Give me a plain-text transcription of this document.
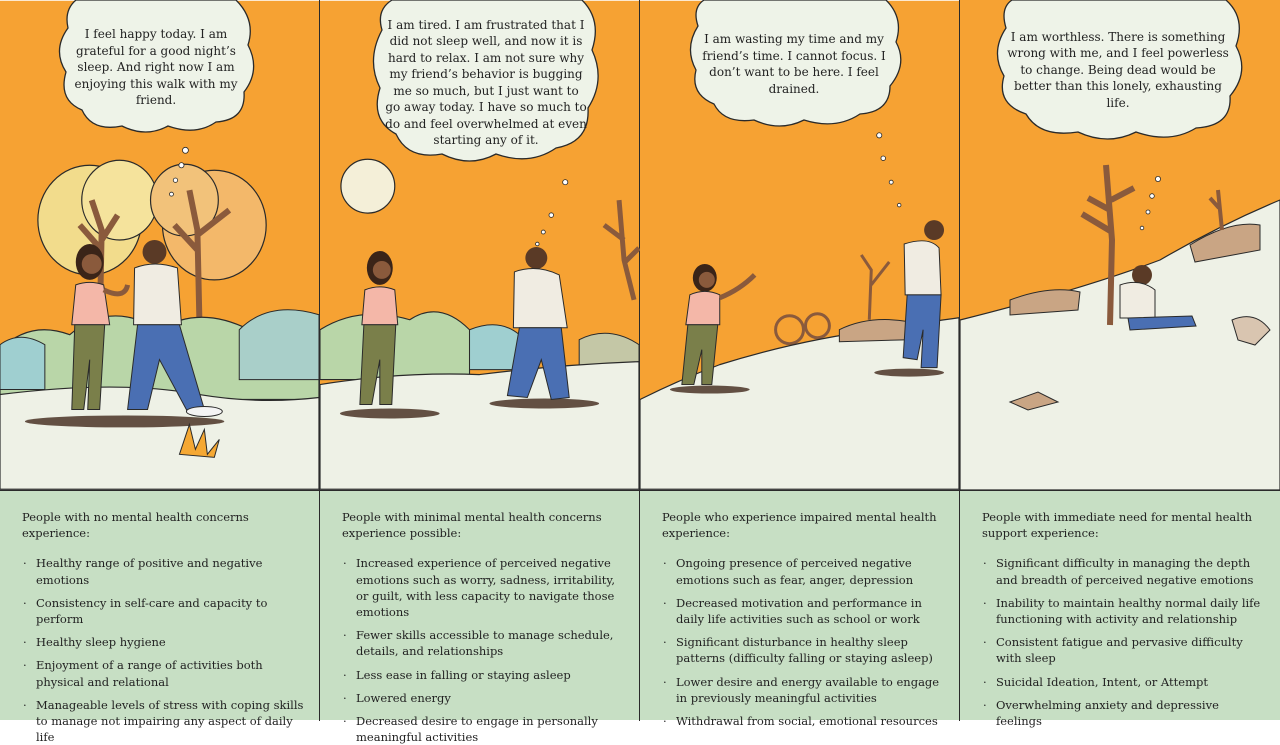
I feel happy today. I am grateful for a good night’s sleep. And right now I am enjoying this walk with my friend.
I am tired. I am frustrated that I did not sleep well, and now it is hard to relax. I am not sure why my friend’s behavior is bugging me so much, but I just want to go away today. I have so much to do and feel overwhelmed at even starting any of it.
I am wasting my time and my friend’s time. I cannot focus. I don’t want to be here. I feel drained.
I am worthless. There is something wrong with me, and I feel powerless to change. Being dead would be better than this lonely, exhausting life.
People with no mental health concerns experience:
· Healthy range of positive and negative emotions
· Consistency in self-care and capacity to perform
· Healthy sleep hygiene
· Enjoyment of a range of activities both physical and relational
· Manageable levels of stress with coping skills to manage not impairing any aspect of daily life
People with minimal mental health concerns experience possible:
· Increased experience of perceived negative emotions such as worry, sadness, irritability, or guilt, with less capacity to navigate those emotions
· Fewer skills accessible to manage schedule, details, and relationships
· Less ease in falling or staying asleep
· Lowered energy
· Decreased desire to engage in personally meaningful activities
People who experience impaired mental health experience:
· Ongoing presence of perceived negative emotions such as fear, anger, depression
· Decreased motivation and performance in daily life activities such as school or work
· Significant disturbance in healthy sleep patterns (difficulty falling or staying asleep)
· Lower desire and energy available to engage in previously meaningful activities
· Withdrawal from social, emotional resources
People with immediate need for mental health support experience:
· Significant difficulty in managing the depth and breadth of perceived negative emotions
· Inability to maintain healthy normal daily life functioning with activity and relationship
· Consistent fatigue and pervasive difficulty with sleep
· Suicidal Ideation, Intent, or Attempt
· Overwhelming anxiety and depressive feelings
